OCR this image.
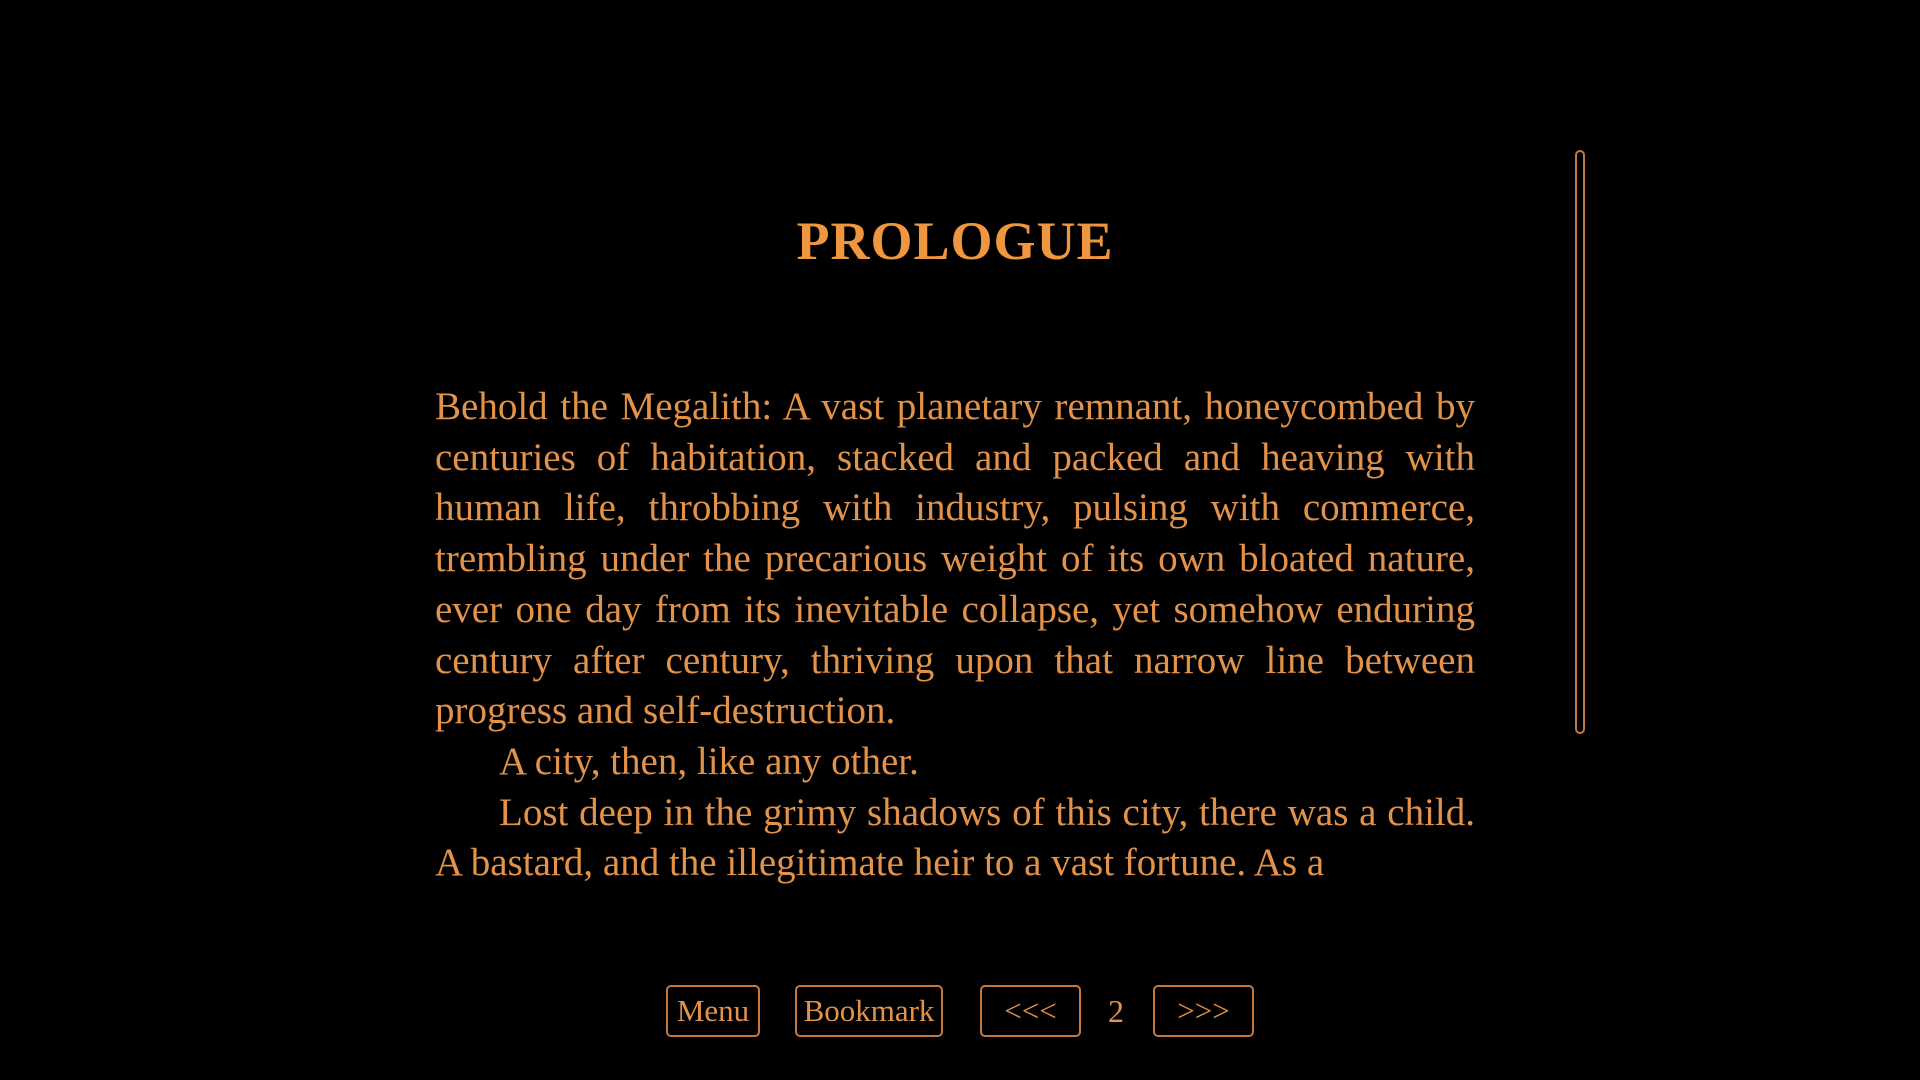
PROLOGUE

Behold the Megalith: A vast planetary remnant, honeycombed by centuries of habitation, stacked and packed and heaving with human life, throbbing with industry, pulsing with commerce, trembling under the precarious weight of its own bloated nature, ever one day from its inevitable collapse, yet somehow enduring century after century, thriving upon that narrow line between progress and self-destruction.

A city, then, like any other.

Lost deep in the grimy shadows of this city, there was a child. A bastard, and the illegitimate heir to a vast fortune. As a

Menu	Bookmark	<<<	2	>>>
